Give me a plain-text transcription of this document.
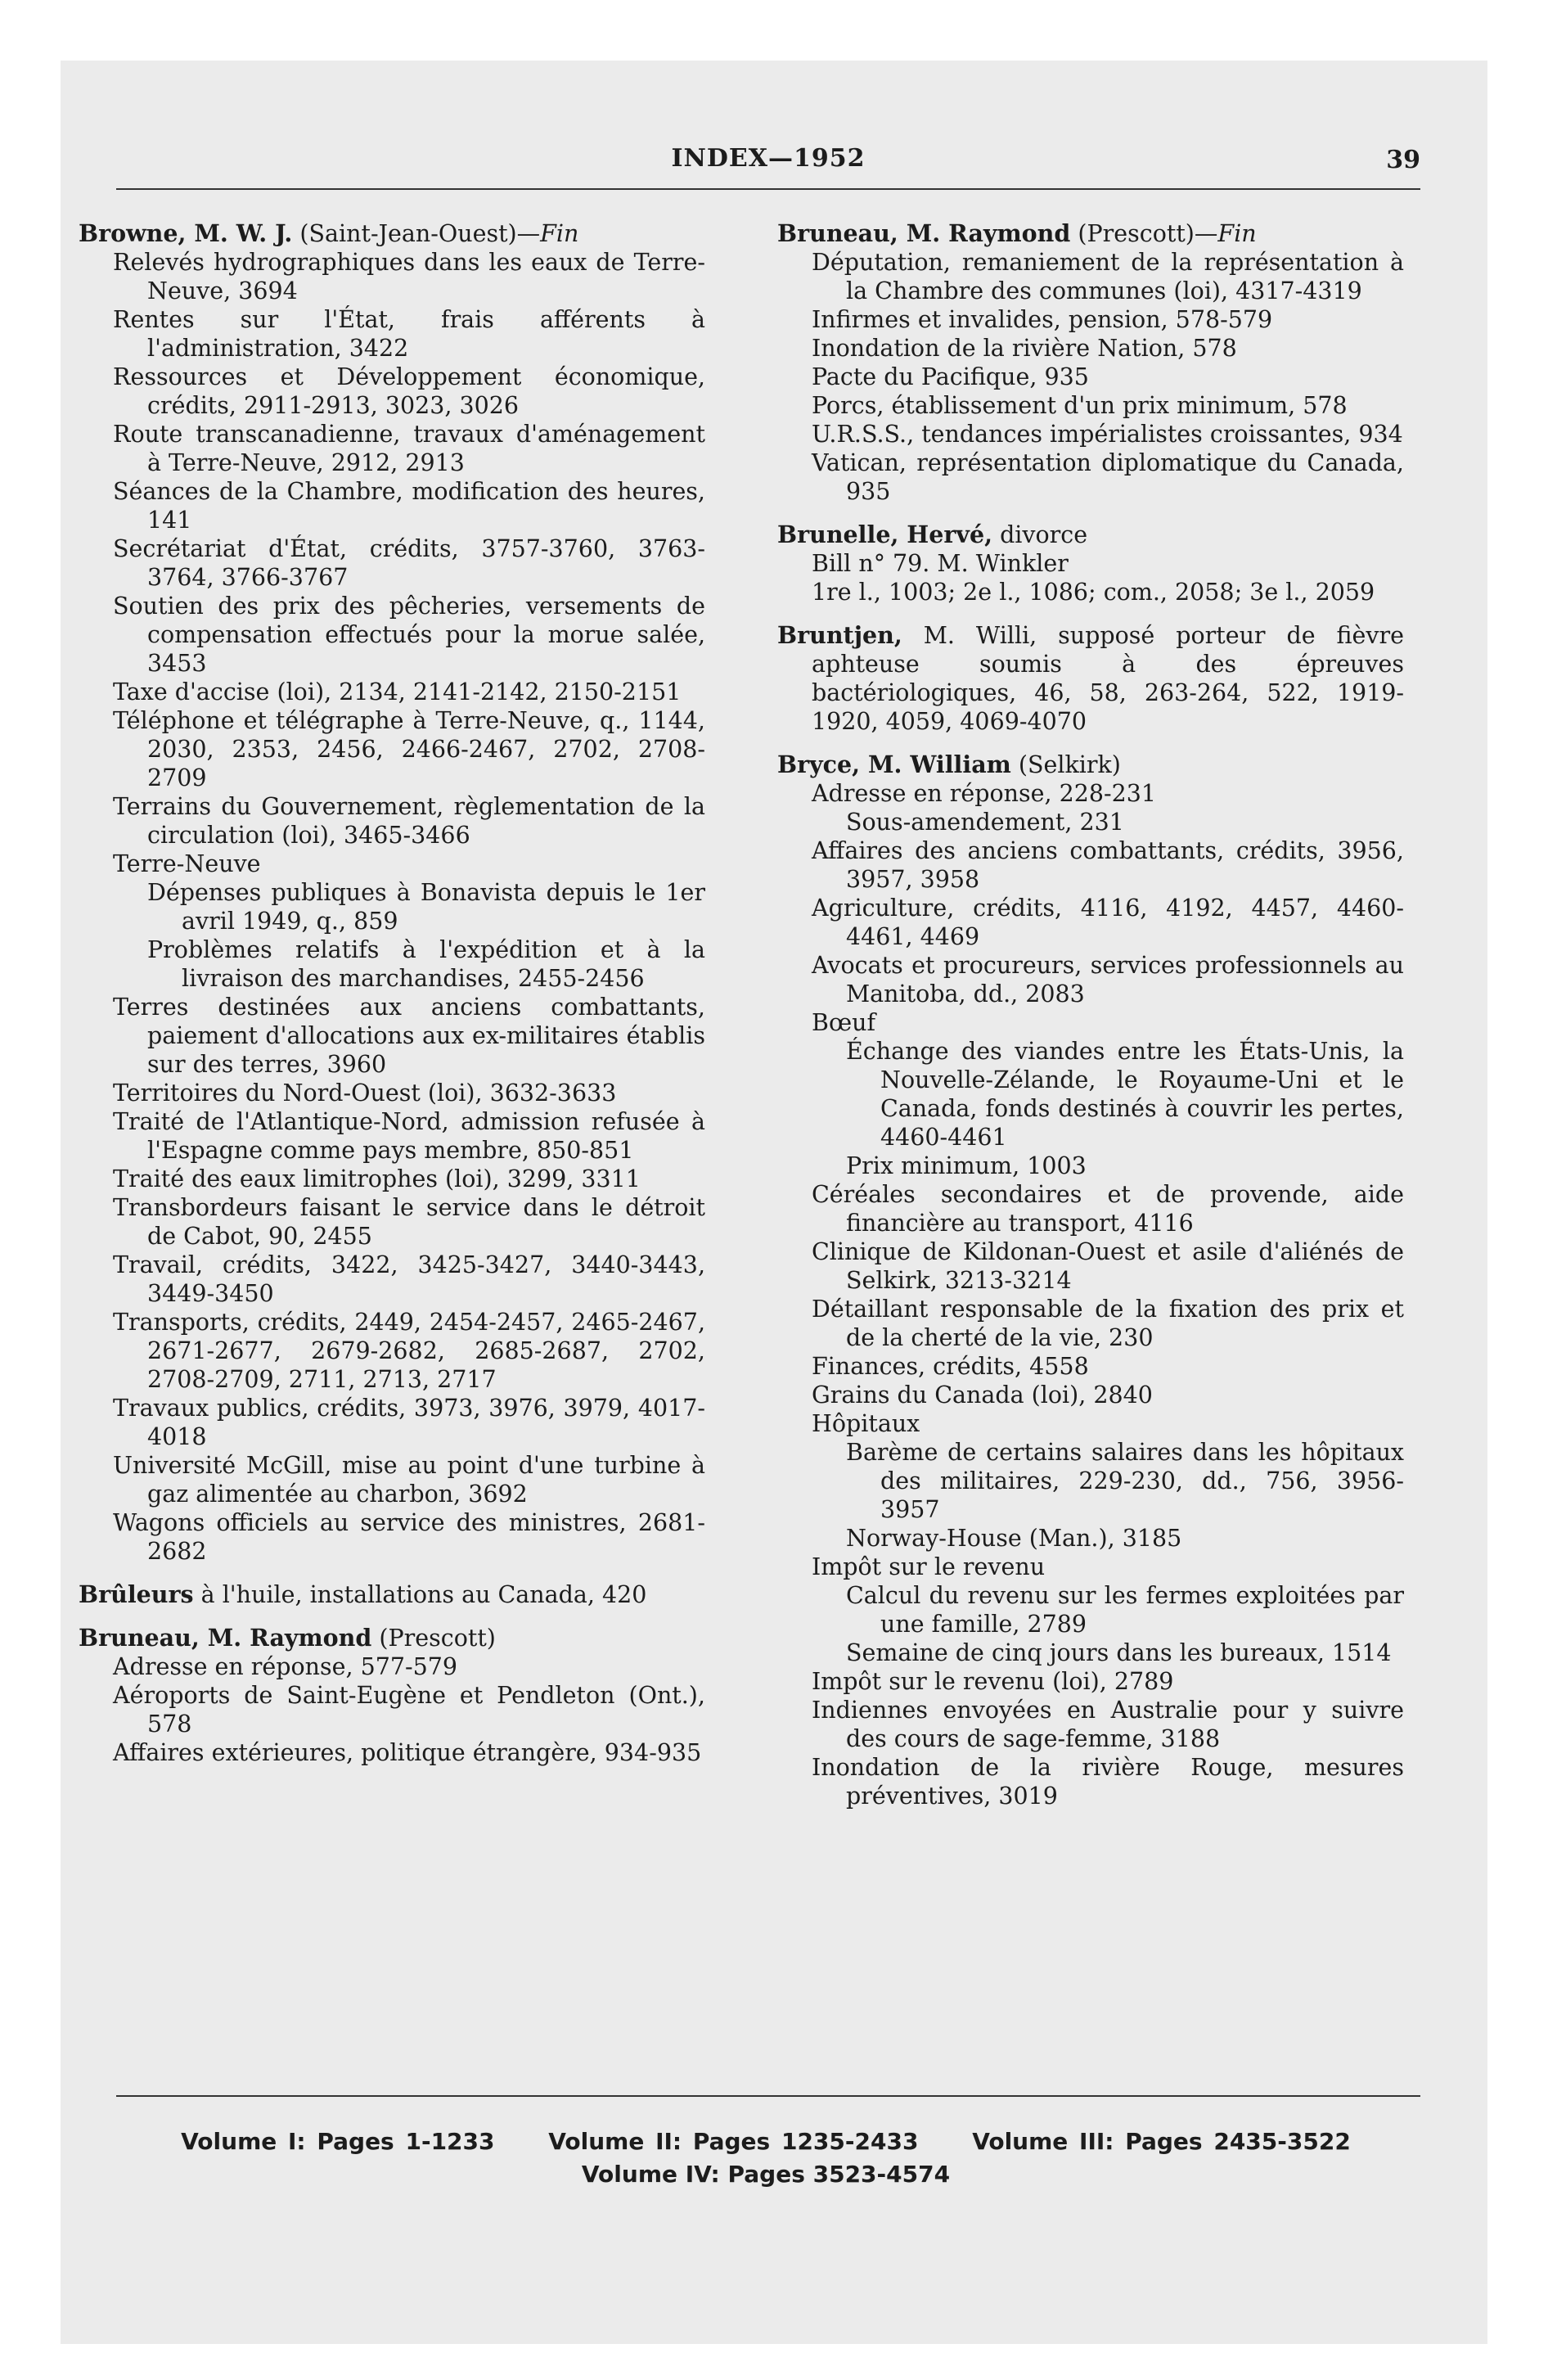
INDEX—1952	39
Browne, M. W. J. (Saint-Jean-Ouest)—Fin
Relevés hydrographiques dans les eaux de Terre-Neuve, 3694
Rentes sur l'État, frais afférents à l'administration, 3422
Ressources et Développement économique, crédits, 2911-2913, 3023, 3026
Route transcanadienne, travaux d'aménagement à Terre-Neuve, 2912, 2913
Séances de la Chambre, modification des heures, 141
Secrétariat d'État, crédits, 3757-3760, 3763-3764, 3766-3767
Soutien des prix des pêcheries, versements de compensation effectués pour la morue salée, 3453
Taxe d'accise (loi), 2134, 2141-2142, 2150-2151
Téléphone et télégraphe à Terre-Neuve, q., 1144, 2030, 2353, 2456, 2466-2467, 2702, 2708-2709
Terrains du Gouvernement, règlementation de la circulation (loi), 3465-3466
Terre-Neuve
Dépenses publiques à Bonavista depuis le 1er avril 1949, q., 859
Problèmes relatifs à l'expédition et à la livraison des marchandises, 2455-2456
Terres destinées aux anciens combattants, paiement d'allocations aux ex-militaires établis sur des terres, 3960
Territoires du Nord-Ouest (loi), 3632-3633
Traité de l'Atlantique-Nord, admission refusée à l'Espagne comme pays membre, 850-851
Traité des eaux limitrophes (loi), 3299, 3311
Transbordeurs faisant le service dans le détroit de Cabot, 90, 2455
Travail, crédits, 3422, 3425-3427, 3440-3443, 3449-3450
Transports, crédits, 2449, 2454-2457, 2465-2467, 2671-2677, 2679-2682, 2685-2687, 2702, 2708-2709, 2711, 2713, 2717
Travaux publics, crédits, 3973, 3976, 3979, 4017-4018
Université McGill, mise au point d'une turbine à gaz alimentée au charbon, 3692
Wagons officiels au service des ministres, 2681-2682
Brûleurs à l'huile, installations au Canada, 420
Bruneau, M. Raymond (Prescott)
Adresse en réponse, 577-579
Aéroports de Saint-Eugène et Pendleton (Ont.), 578
Affaires extérieures, politique étrangère, 934-935
Bruneau, M. Raymond (Prescott)—Fin
Députation, remaniement de la représentation à la Chambre des communes (loi), 4317-4319
Infirmes et invalides, pension, 578-579
Inondation de la rivière Nation, 578
Pacte du Pacifique, 935
Porcs, établissement d'un prix minimum, 578
U.R.S.S., tendances impérialistes croissantes, 934
Vatican, représentation diplomatique du Canada, 935
Brunelle, Hervé, divorce
Bill n° 79. M. Winkler
1re l., 1003; 2e l., 1086; com., 2058; 3e l., 2059
Bruntjen, M. Willi, supposé porteur de fièvre aphteuse soumis à des épreuves bactériologiques, 46, 58, 263-264, 522, 1919-1920, 4059, 4069-4070
Bryce, M. William (Selkirk)
Adresse en réponse, 228-231
Sous-amendement, 231
Affaires des anciens combattants, crédits, 3956, 3957, 3958
Agriculture, crédits, 4116, 4192, 4457, 4460-4461, 4469
Avocats et procureurs, services professionnels au Manitoba, dd., 2083
Bœuf
Échange des viandes entre les États-Unis, la Nouvelle-Zélande, le Royaume-Uni et le Canada, fonds destinés à couvrir les pertes, 4460-4461
Prix minimum, 1003
Céréales secondaires et de provende, aide financière au transport, 4116
Clinique de Kildonan-Ouest et asile d'aliénés de Selkirk, 3213-3214
Détaillant responsable de la fixation des prix et de la cherté de la vie, 230
Finances, crédits, 4558
Grains du Canada (loi), 2840
Hôpitaux
Barème de certains salaires dans les hôpitaux des militaires, 229-230, dd., 756, 3956-3957
Norway-House (Man.), 3185
Impôt sur le revenu
Calcul du revenu sur les fermes exploitées par une famille, 2789
Semaine de cinq jours dans les bureaux, 1514
Impôt sur le revenu (loi), 2789
Indiennes envoyées en Australie pour y suivre des cours de sage-femme, 3188
Inondation de la rivière Rouge, mesures préventives, 3019
Volume I: Pages 1-1233 Volume II: Pages 1235-2433 Volume III: Pages 2435-3522
Volume IV: Pages 3523-4574
